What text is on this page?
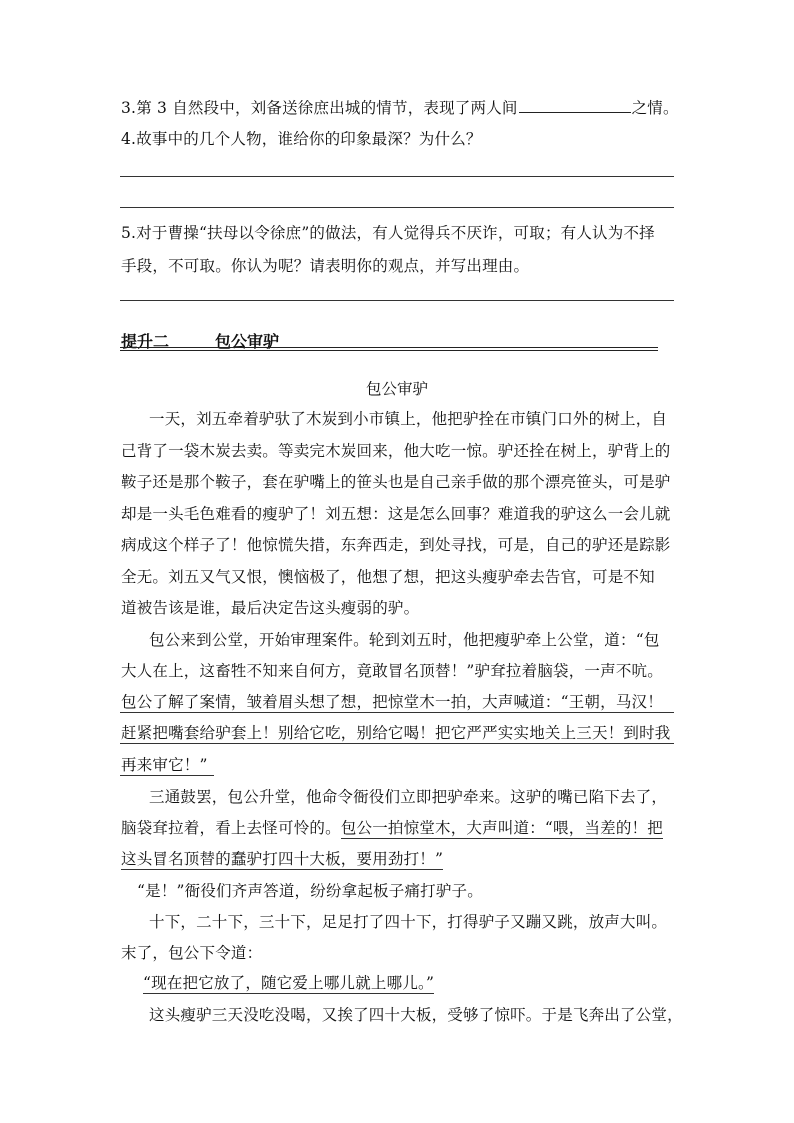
3.第 3 自然段中，刘备送徐庶出城的情节，表现了两人间	之情。
4.故事中的几个人物，谁给你的印象最深？为什么？
5.对于曹操“扶母以令徐庶”的做法，有人觉得兵不厌诈，可取；有人认为不择
手段，不可取。你认为呢？请表明你的观点，并写出理由。
提升二	包公审驴
包公审驴
一天，刘五牵着驴驮了木炭到小市镇上，他把驴拴在市镇门口外的树上，自
己背了一袋木炭去卖。等卖完木炭回来，他大吃一惊。驴还拴在树上，驴背上的
鞍子还是那个鞍子，套在驴嘴上的笹头也是自己亲手做的那个漂亮笹头，可是驴
却是一头毛色难看的瘦驴了！刘五想：这是怎么回事？难道我的驴这么一会儿就
病成这个样子了！他惊慌失措，东奔西走，到处寻找，可是，自己的驴还是踪影
全无。刘五又气又恨，懊恼极了，他想了想，把这头瘦驴牵去告官，可是不知
道被告该是谁，最后决定告这头瘦弱的驴。
包公来到公堂，开始审理案件。轮到刘五时，他把瘦驴牵上公堂，道：“包
大人在上，这畜牲不知来自何方，竟敢冒名顶替！”驴耷拉着脑袋，一声不吭。
包公了解了案情，皱着眉头想了想，把惊堂木一拍，大声喊道：“王朝，马汉！
赶紧把嘴套给驴套上！别给它吃，别给它喝！把它严严实实地关上三天！到时我
再来审它！”
三通鼓罢，包公升堂，他命令衙役们立即把驴牵来。这驴的嘴已陷下去了，
脑袋耷拉着，看上去怪可怜的。包公一拍惊堂木，大声叫道：“喂，当差的！把
这头冒名顶替的蠢驴打四十大板，要用劲打！”
“是！”衙役们齐声答道，纷纷拿起板子痛打驴子。
十下，二十下，三十下，足足打了四十下，打得驴子又蹦又跳，放声大叫。
末了，包公下令道：
“现在把它放了，随它爱上哪儿就上哪儿。”
这头瘦驴三天没吃没喝，又挨了四十大板，受够了惊吓。于是飞奔出了公堂，
